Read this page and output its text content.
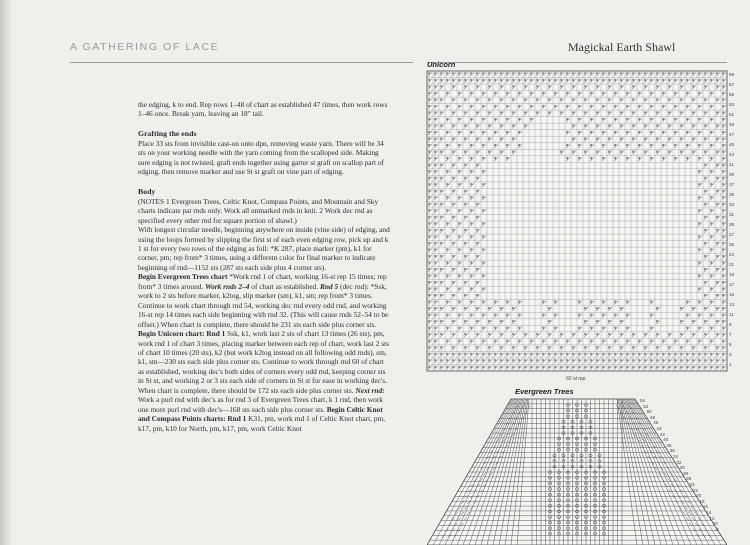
A GATHERING OF LACE	Magickal Earth Shawl

the edging, k to end. Rep rows 1–48 of chart as established 47 times, then work rows 1–46 once. Break yarn, leaving an 18" tail.

Grafting the ends

Place 33 sts from invisible cast-on onto dpn, removing waste yarn. There will be 34 sts on your working needle with the yarn coming from the scalloped side. Making sure edging is not twisted, graft ends together using garter st graft on scallop part of edging, then remove marker and use St st graft on vine part of edging.

Body

(NOTES 1 Evergreen Trees, Celtic Knot, Compass Points, and Mountain and Sky charts indicate pat rnds only. Work all unmarked rnds in knit. 2 Work dec rnd as specified every other rnd for square portion of shawl.)

With longest circular needle, beginning anywhere on inside (vine side) of edging, and using the loops formed by slipping the first st of each even edging row, pick up and k 1 st for every two rows of the edging as foll: *K 287, place marker (pm), k1 for corner, pm; rep from* 3 times, using a different color for final marker to indicate beginning of rnd—1152 sts (287 sts each side plus 4 corner sts).

Begin Evergreen Trees chart *Work rnd 1 of chart, working 16-st rep 15 times; rep from* 3 times around. Work rnds 2–4 of chart as established. Rnd 5 (dec rnd): *Ssk, work to 2 sts before marker, k2tog, slip marker (sm), k1, sm; rep from* 3 times. Continue to work chart through rnd 54, working dec rnd every odd rnd, and working 16-st rep 14 times each side beginning with rnd 32. (This will cause rnds 52–54 to be offset.) When chart is complete, there should be 231 sts each side plus corner sts. Begin Unicorn chart: Rnd 1 Ssk, k1, work last 2 sts of chart 13 times (26 sts), pm, work rnd 1 of chart 3 times, placing marker between each rep of chart, work last 2 sts of chart 10 times (20 sts), k2 (but work k2tog instead on all following odd rnds), sm, k1, sm—230 sts each side plus corner sts. Continue to work through rnd 60 of chart as established, working dec's both sides of corners every odd rnd, keeping corner sts in St st, and working 2 or 3 sts each side of corners in St st for ease in working dec's. When chart is complete, there should be 172 sts each side plus corner sts. Next rnd: Work a purl rnd with dec's as for rnd 3 of Evergreen Trees chart, k 1 rnd, then work one more purl rnd with dec's—168 sts each side plus corner sts. Begin Celtic Knot and Compass Points charts: Rnd 1 K31, pm, work rnd 1 of Celtic Knot chart, pm, k17, pm, k10 for North, pm, k17, pm, work Celtic Knot

Unicorn
59
57
55
53
51
49
47
45
43
41
39
37
35
33
31
29
27
25
23
21
19
17
15
13
11
9
7
5
3
1
60 st rep
Evergreen Trees
54
52
50
48
46
44
42
40
38
36
34
32
30
28
26
24
22
20
18
16
14
12
10
8
